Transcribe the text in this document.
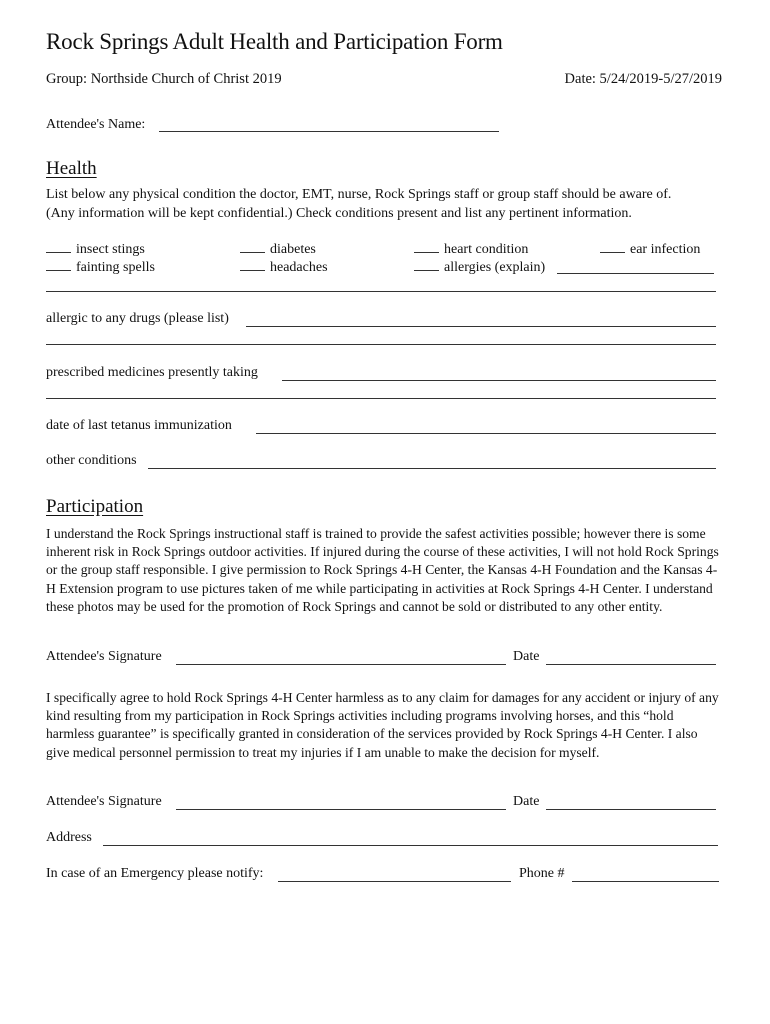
Rock Springs Adult Health and Participation Form
Group: Northside Church of Christ 2019	Date: 5/24/2019-5/27/2019
Attendee's Name:
Health
List below any physical condition the doctor, EMT, nurse, Rock Springs staff or group staff should be aware of.
(Any information will be kept confidential.) Check conditions present and list any pertinent information.
insect stings	diabetes	heart condition	ear infection
fainting spells	headaches	allergies (explain)
allergic to any drugs (please list)
prescribed medicines presently taking
date of last tetanus immunization
other conditions
Participation
I understand the Rock Springs instructional staff is trained to provide the safest activities possible; however there is some inherent risk in Rock Springs outdoor activities. If injured during the course of these activities, I will not hold Rock Springs or the group staff responsible. I give permission to Rock Springs 4-H Center, the Kansas 4-H Foundation and the Kansas 4-H Extension program to use pictures taken of me while participating in activities at Rock Springs 4-H Center. I understand these photos may be used for the promotion of Rock Springs and cannot be sold or distributed to any other entity.
Attendee's Signature	Date
I specifically agree to hold Rock Springs 4-H Center harmless as to any claim for damages for any accident or injury of any kind resulting from my participation in Rock Springs activities including programs involving horses, and this “hold harmless guarantee” is specifically granted in consideration of the services provided by Rock Springs 4-H Center. I also give medical personnel permission to treat my injuries if I am unable to make the decision for myself.
Attendee's Signature	Date
Address
In case of an Emergency please notify:	Phone #
